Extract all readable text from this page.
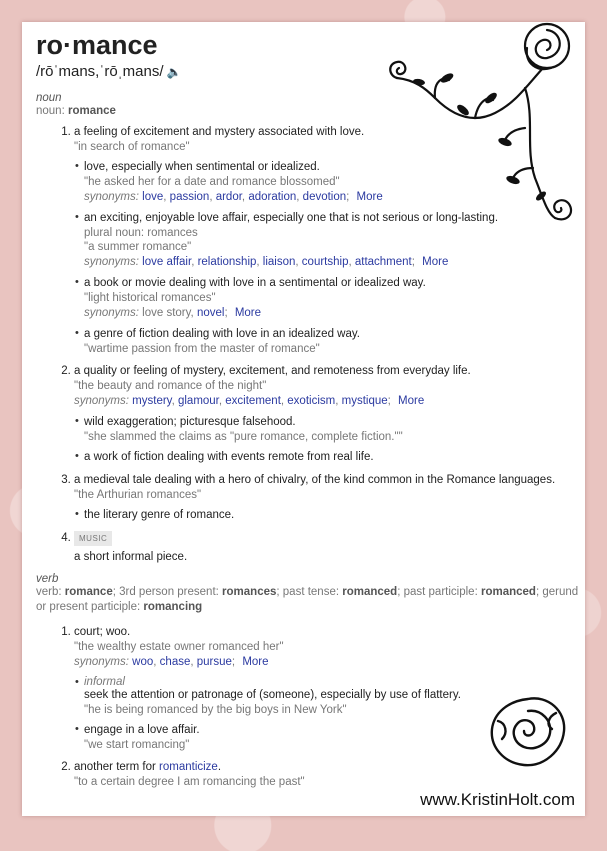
ro·mance
/rōˈmans,ˈrōˌmans/ 🔈
noun
noun: romance
1. a feeling of excitement and mystery associated with love.
"in search of romance"
• love, especially when sentimental or idealized.
"he asked her for a date and romance blossomed"
synonyms: love, passion, ardor, adoration, devotion; More
• an exciting, enjoyable love affair, especially one that is not serious or long-lasting.
plural noun: romances
"a summer romance"
synonyms: love affair, relationship, liaison, courtship, attachment; More
• a book or movie dealing with love in a sentimental or idealized way.
"light historical romances"
synonyms: love story, novel; More
• a genre of fiction dealing with love in an idealized way.
"wartime passion from the master of romance"
2. a quality or feeling of mystery, excitement, and remoteness from everyday life.
"the beauty and romance of the night"
synonyms: mystery, glamour, excitement, exoticism, mystique; More
• wild exaggeration; picturesque falsehood.
"she slammed the claims as "pure romance, complete fiction.""
• a work of fiction dealing with events remote from real life.
3. a medieval tale dealing with a hero of chivalry, of the kind common in the Romance languages.
"the Arthurian romances"
• the literary genre of romance.
4. MUSIC
a short informal piece.
verb
verb: romance; 3rd person present: romances; past tense: romanced; past participle: romanced; gerund or present participle: romancing
1. court; woo.
"the wealthy estate owner romanced her"
synonyms: woo, chase, pursue; More
• informal
seek the attention or patronage of (someone), especially by use of flattery.
"he is being romanced by the big boys in New York"
• engage in a love affair.
"we start romancing"
2. another term for romanticize.
"to a certain degree I am romancing the past"
www.KristinHolt.com
